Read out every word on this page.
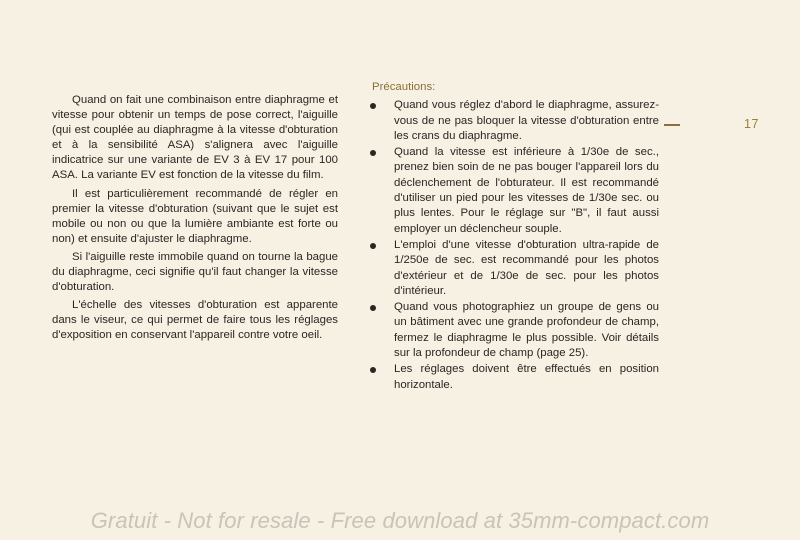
Quand on fait une combinaison entre diaphragme et vitesse pour obtenir un temps de pose correct, l'aiguille (qui est couplée au diaphragme à la vitesse d'obturation et à la sensibilité ASA) s'alignera avec l'aiguille indicatrice sur une variante de EV 3 à EV 17 pour 100 ASA. La variante EV est fonction de la vitesse du film.

Il est particulièrement recommandé de régler en premier la vitesse d'obturation (suivant que le sujet est mobile ou non ou que la lumière ambiante est forte ou non) et ensuite d'ajuster le diaphragme.

Si l'aiguille reste immobile quand on tourne la bague du diaphragme, ceci signifie qu'il faut changer la vitesse d'obturation.

L'échelle des vitesses d'obturation est apparente dans le viseur, ce qui permet de faire tous les réglages d'exposition en conservant l'appareil contre votre oeil.

Précautions:
Quand vous réglez d'abord le diaphragme, assurez-vous de ne pas bloquer la vitesse d'obturation entre les crans du diaphragme.
Quand la vitesse est inférieure à 1/30e de sec., prenez bien soin de ne pas bouger l'appareil lors du déclenchement de l'obturateur. Il est recommandé d'utiliser un pied pour les vitesses de 1/30e sec. ou plus lentes. Pour le réglage sur "B", il faut aussi employer un déclencheur souple.
L'emploi d'une vitesse d'obturation ultra-rapide de 1/250e de sec. est recommandé pour les photos d'extérieur et de 1/30e de sec. pour les photos d'intérieur.
Quand vous photographiez un groupe de gens ou un bâtiment avec une grande profondeur de champ, fermez le diaphragme le plus possible. Voir détails sur la profondeur de champ (page 25).
Les réglages doivent être effectués en position horizontale.
17
Gratuit - Not for resale - Free download at 35mm-compact.com
